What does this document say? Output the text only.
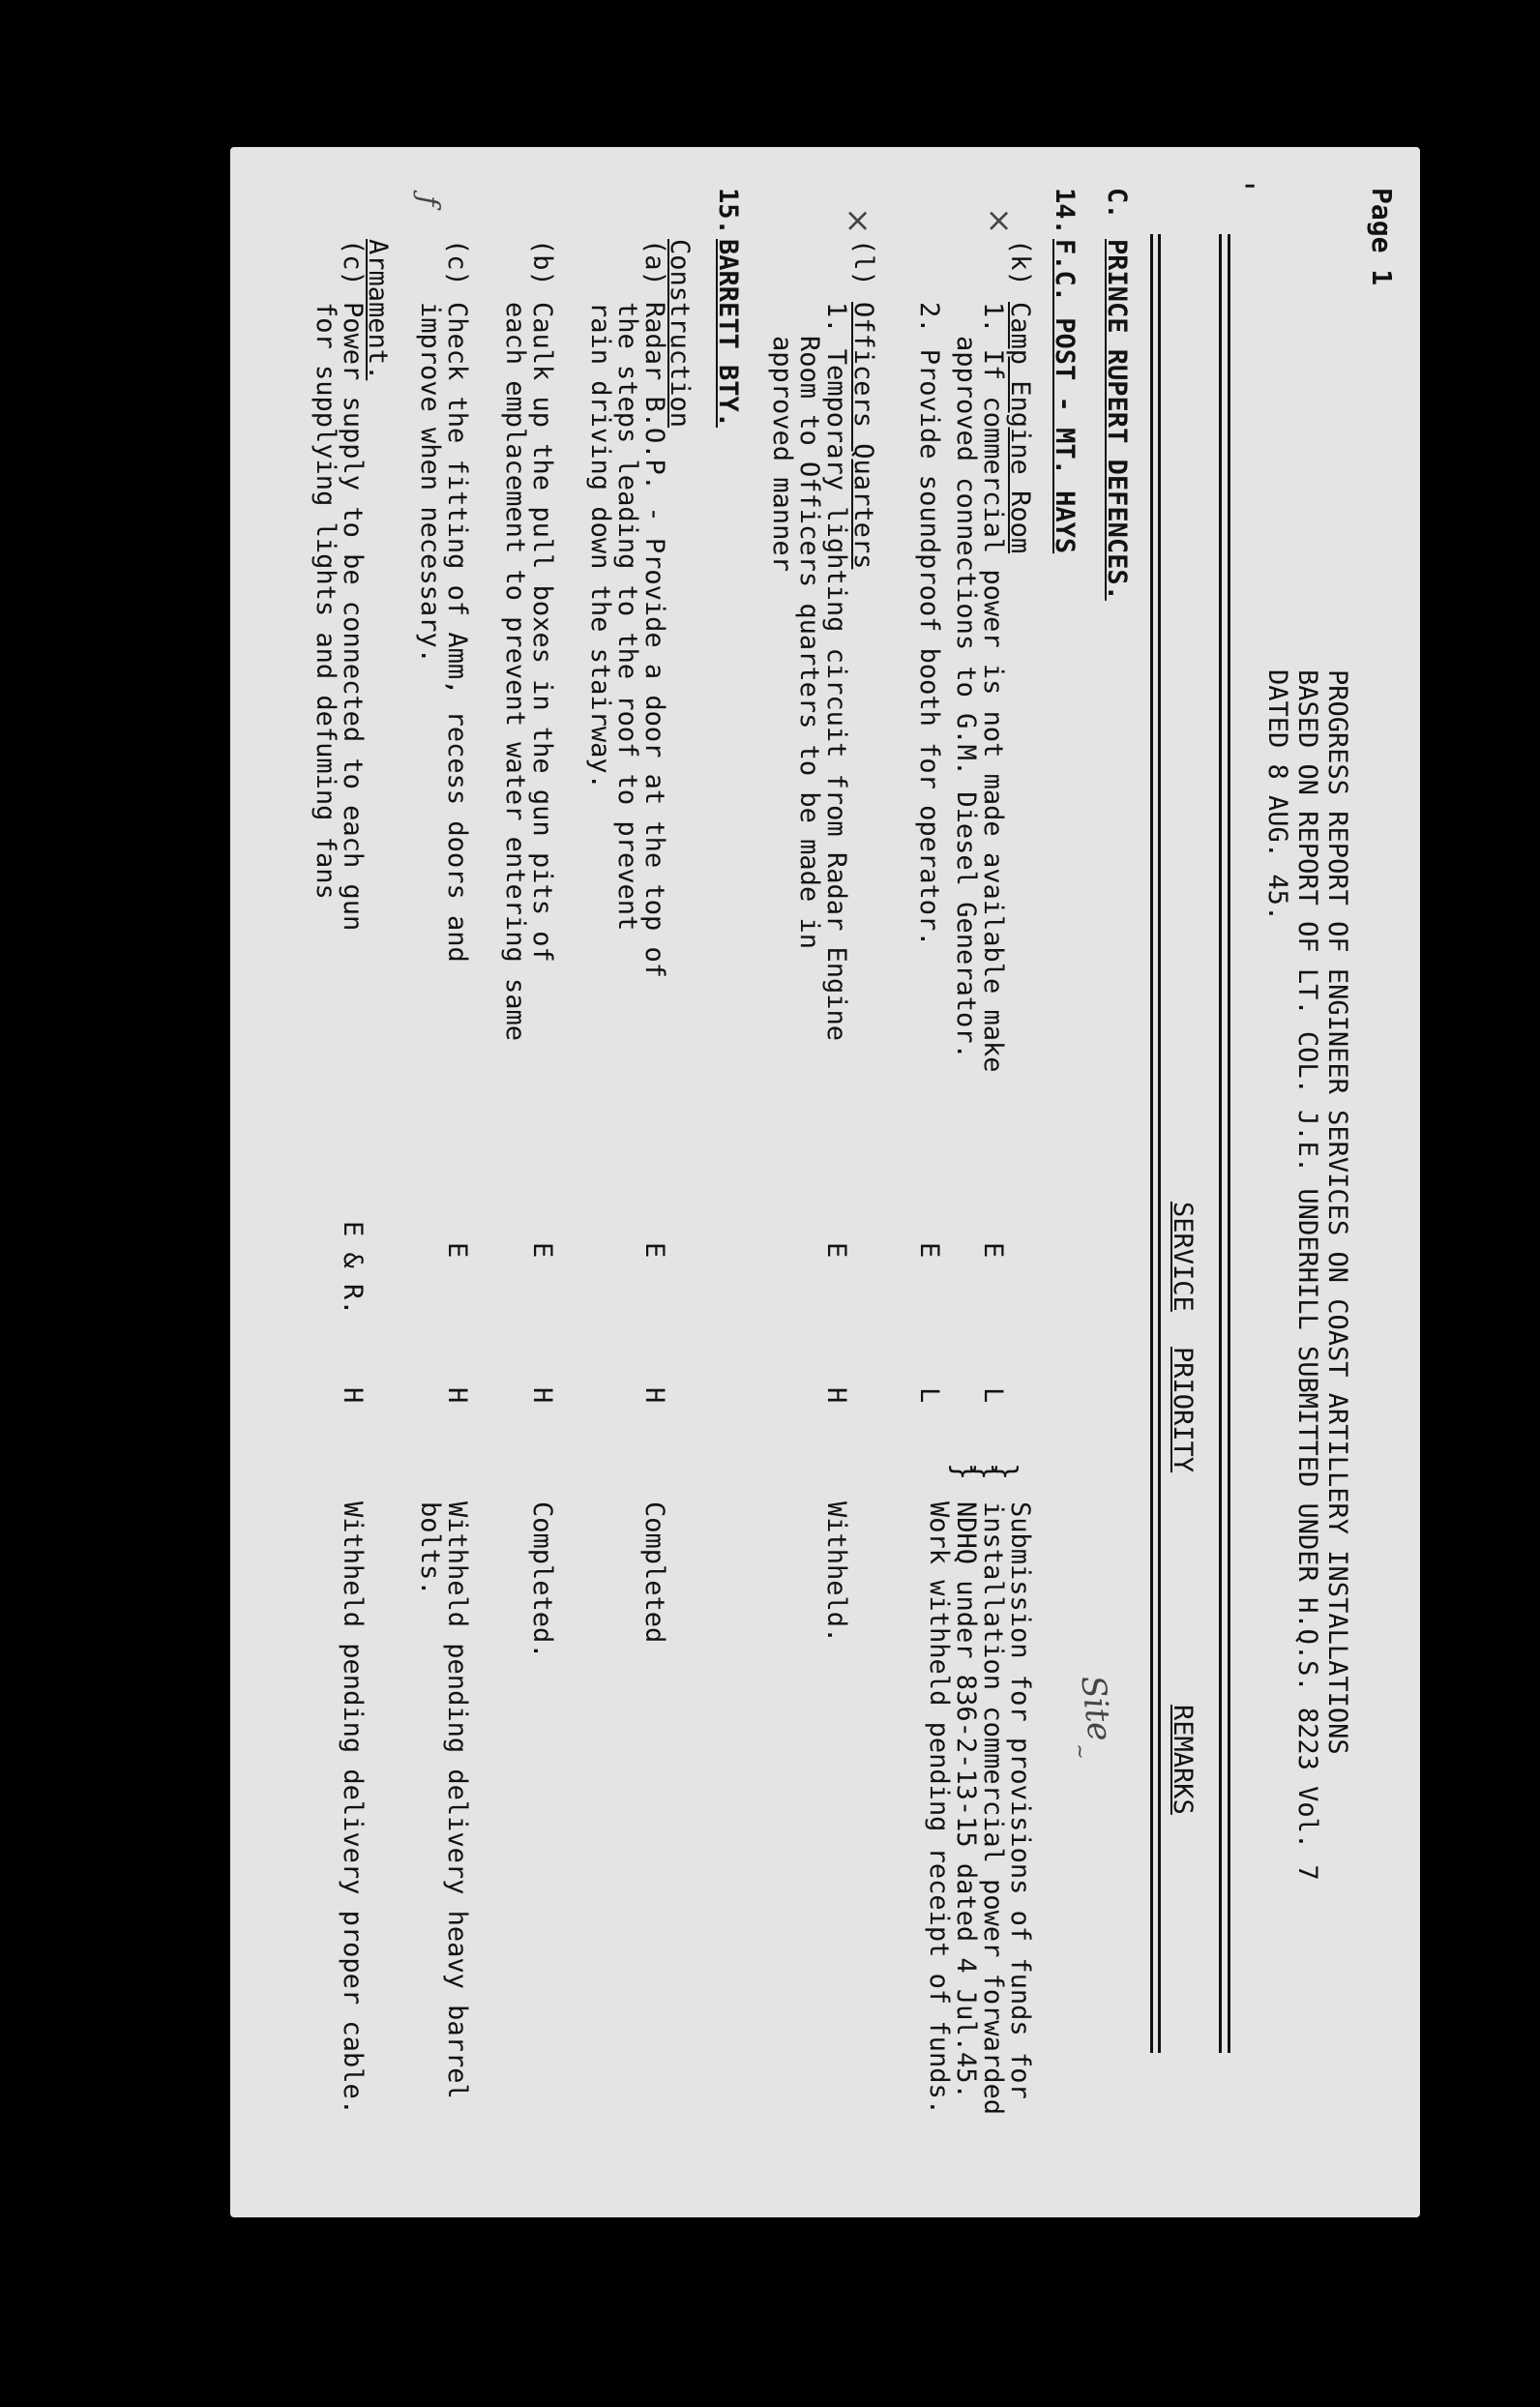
Page 1
'
PROGRESS REPORT OF ENGINEER SERVICES ON COAST ARTILLERY INSTALLATIONS
BASED ON REPORT OF LT. COL. J.E. UNDERHILL SUBMITTED UNDER H.Q.S. 8223 Vol. 7
DATED 8 AUG. 45.
SERVICE
PRIORITY
REMARKS
C.
PRINCE RUPERT DEFENCES.
14.
F.C. POST - MT. HAYS
(k)
Camp Engine Room
1. If commercial power is not made available make
approved connections to G.M. Diesel Generator.
2. Provide soundproof booth for operator.
E
L
E
L
}
}
}
Submission for provisions of funds for
installation commercial power forwarded
NDHQ under 836-2-13-15 dated 4 Jul.45.
Work withheld pending receipt of funds.	Site
~
(l)
Officers Quarters
1. Temporary lighting circuit from Radar Engine
Room to Officers quarters to be made in
approved manner
E
H
Withheld.
×
×
15.
BARRETT BTY.
Construction
(a)
Radar B.O.P. - Provide a door at the top of
the steps leading to the roof to prevent
rain driving down the stairway.
E
H
Completed
(b)
Caulk up the pull boxes in the gun pits of
each emplacement to prevent water entering same
E
H
Completed.
(c)
Check the fitting of Amm, recess doors and
improve when necessary.
E
H
Withheld pending delivery heavy barrel
bolts.
ƒ
Armament.
(c)
Power supply to be connected to each gun
for supplying lights and defuming fans
E & R.
H
Withheld pending delivery proper cable.
